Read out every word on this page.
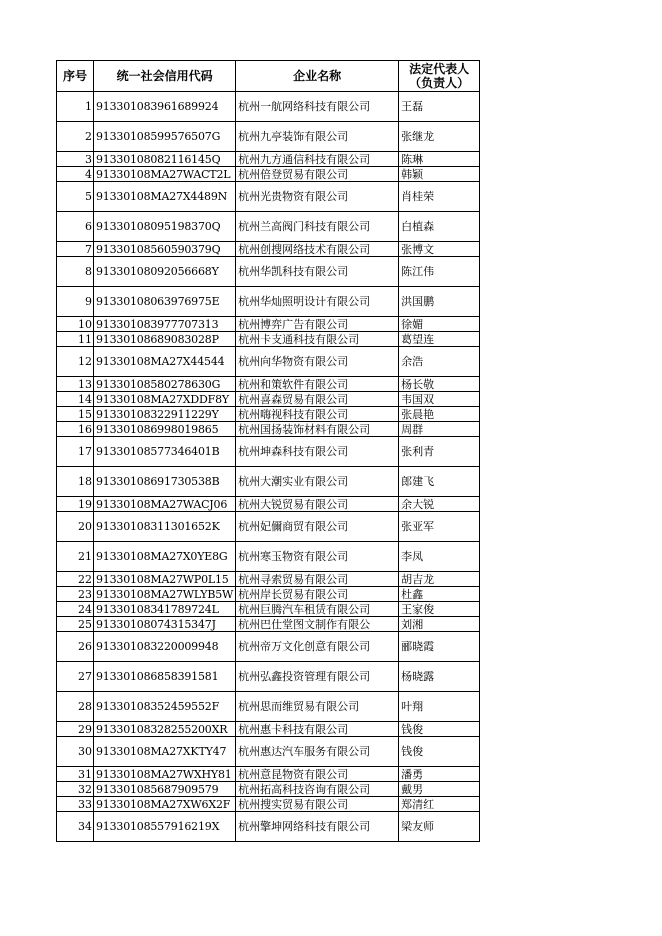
序号	统一社会信用代码	企业名称	法定代表人（负责人）
1	913301083961689924	杭州一航网络科技有限公司	王磊
2	91330108599576507G	杭州九亭装饰有限公司	张继龙
3	91330108082116145Q	杭州九方通信科技有限公司	陈琳
4	91330108MA27WACT2L	杭州倍登贸易有限公司	韩颖
5	91330108MA27X4489N	杭州光贵物资有限公司	肖桂荣
6	91330108095198370Q	杭州兰高阀门科技有限公司	白植森
7	91330108560590379Q	杭州创搜网络技术有限公司	张博文
8	91330108092056668Y	杭州华凯科技有限公司	陈江伟
9	91330108063976975E	杭州华灿照明设计有限公司	洪国鹏
10	913301083977707313	杭州博弈广告有限公司	徐媚
11	91330108689083028P	杭州卡支通科技有限公司	葛望连
12	91330108MA27X44544	杭州向华物资有限公司	余浩
13	91330108580278630G	杭州和策软件有限公司	杨长敬
14	91330108MA27XDDF8Y	杭州喜森贸易有限公司	韦国双
15	91330108322911229Y	杭州嗨视科技有限公司	张晨艳
16	913301086998019865	杭州国扬装饰材料有限公司	周群
17	91330108577346401B	杭州坤森科技有限公司	张利青
18	91330108691730538B	杭州大潮实业有限公司	郎建飞
19	91330108MA27WACJ06	杭州大锐贸易有限公司	余大锐
20	91330108311301652K	杭州妃儞商贸有限公司	张亚军
21	91330108MA27X0YE8G	杭州寒玉物资有限公司	李凤
22	91330108MA27WP0L15	杭州寻索贸易有限公司	胡吉龙
23	91330108MA27WLYB5W	杭州岸长贸易有限公司	杜鑫
24	91330108341789724L	杭州巨腾汽车租赁有限公司	王家俊
25	91330108074315347J	杭州巴仕堂图文制作有限公	刘湘
26	913301083220009948	杭州帝万文化创意有限公司	郦晓霞
27	913301086858391581	杭州弘鑫投资管理有限公司	杨晓露
28	91330108352459552F	杭州思而维贸易有限公司	叶翔
29	91330108328255200XR	杭州惠卡科技有限公司	钱俊
30	91330108MA27XKTY47	杭州惠达汽车服务有限公司	钱俊
31	91330108MA27WXHY81	杭州意昆物资有限公司	潘勇
32	913301085687909579	杭州拓高科技咨询有限公司	戴男
33	91330108MA27XW6X2F	杭州搜实贸易有限公司	郑清红
34	91330108557916219X	杭州擎坤网络科技有限公司	梁友师
